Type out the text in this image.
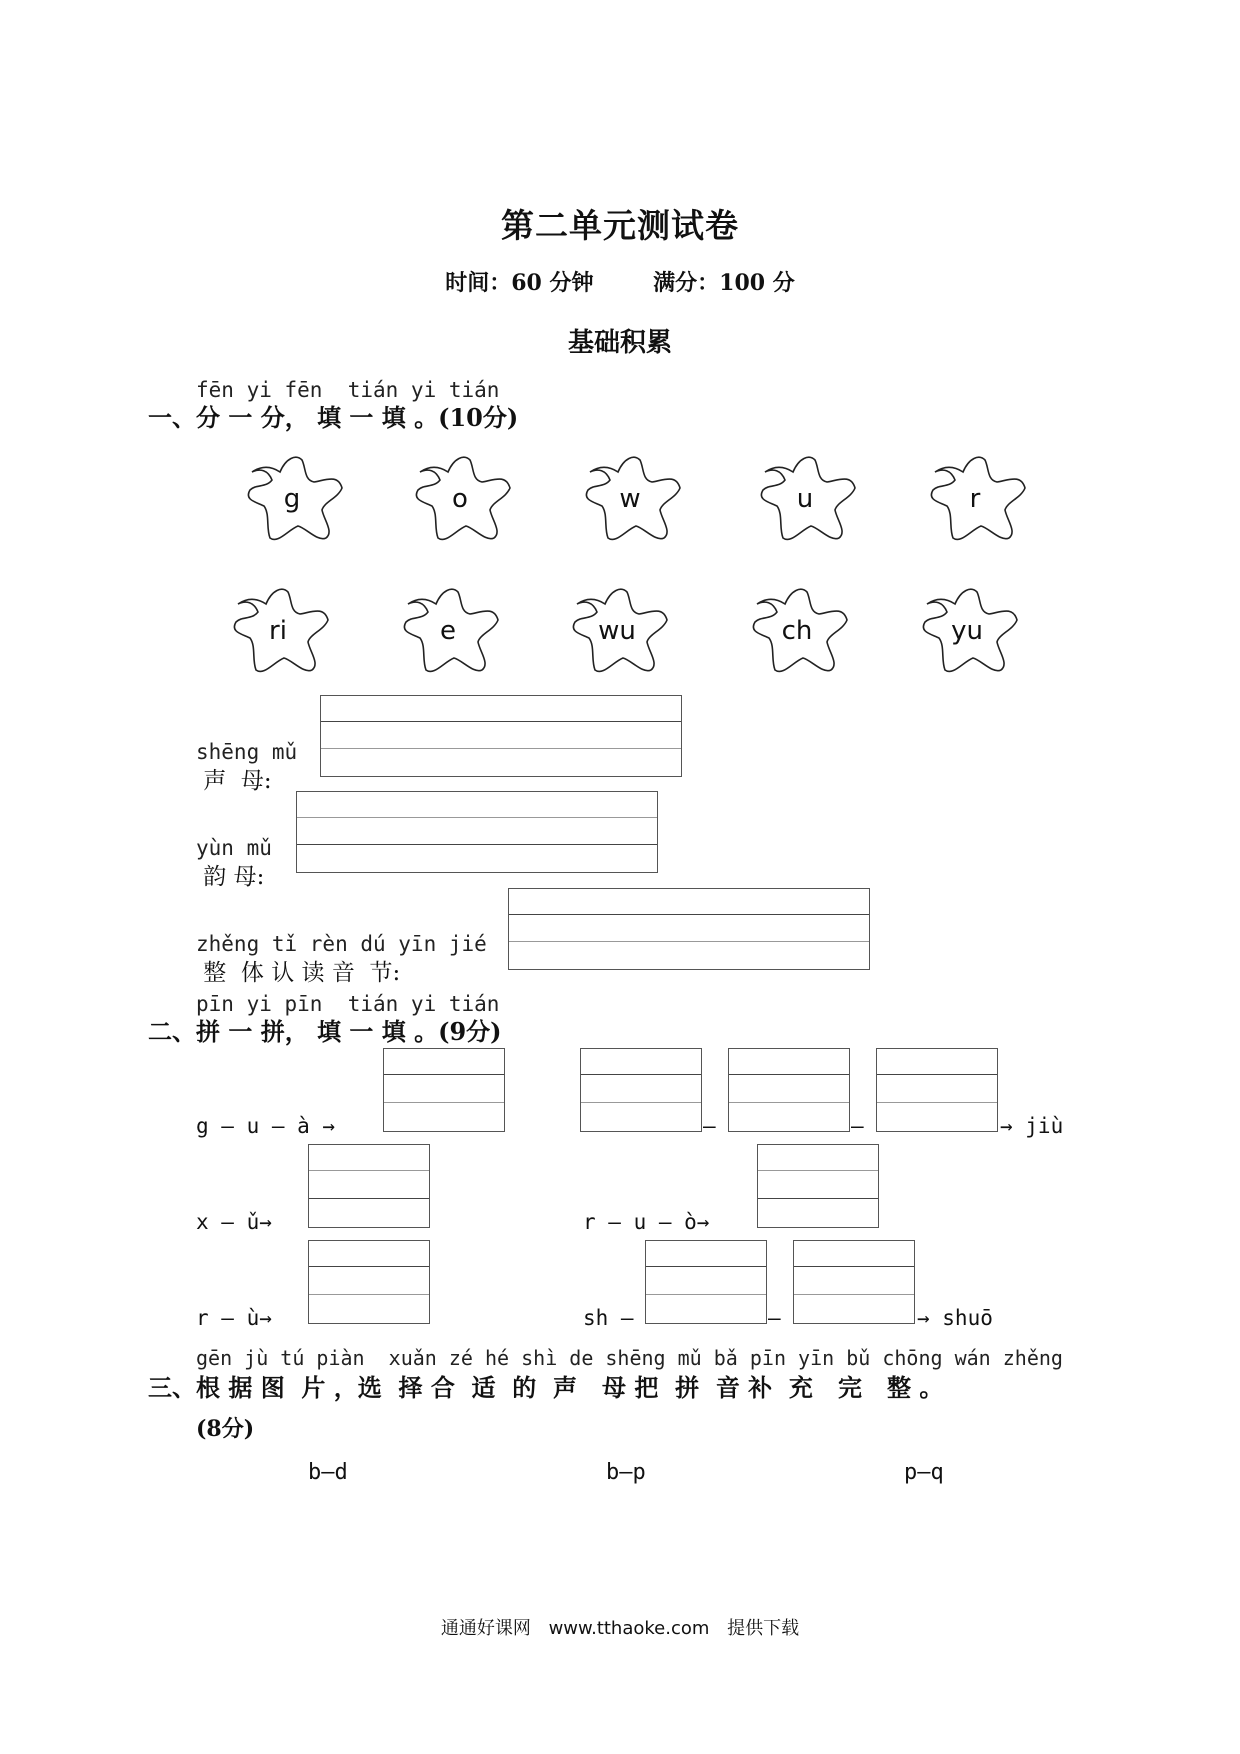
第二单元测试卷
时间：60 分钟	满分：100 分
基础积累
fēn yi fēn  tián yi tián
一、分 一 分， 填 一 填 。(10分)
g	o	w	u	r
ri	e	wu	ch	yu
shēng mǔ
声  母:
yùn mǔ
韵 母:
zhěng tǐ rèn dú yīn jié
整  体 认 读 音  节:
pīn yi pīn  tián yi tián
二、拼 一 拼， 填 一 填 。(9分)
g — u — à →	—	—	→ jiù
x — ǔ→	r — u — ò→
r — ù→	sh —	—	→ shuō
gēn jù tú piàn  xuǎn zé hé shì de shēng mǔ bǎ pīn yīn bǔ chōng wán zhěng
三、根 据 图  片 ，选  择 合  适  的  声   母 把  拼  音 补  充   完   整 。
(8分)
b—d	b—p	p—q
通通好课网 www.tthaoke.com 提供下载
